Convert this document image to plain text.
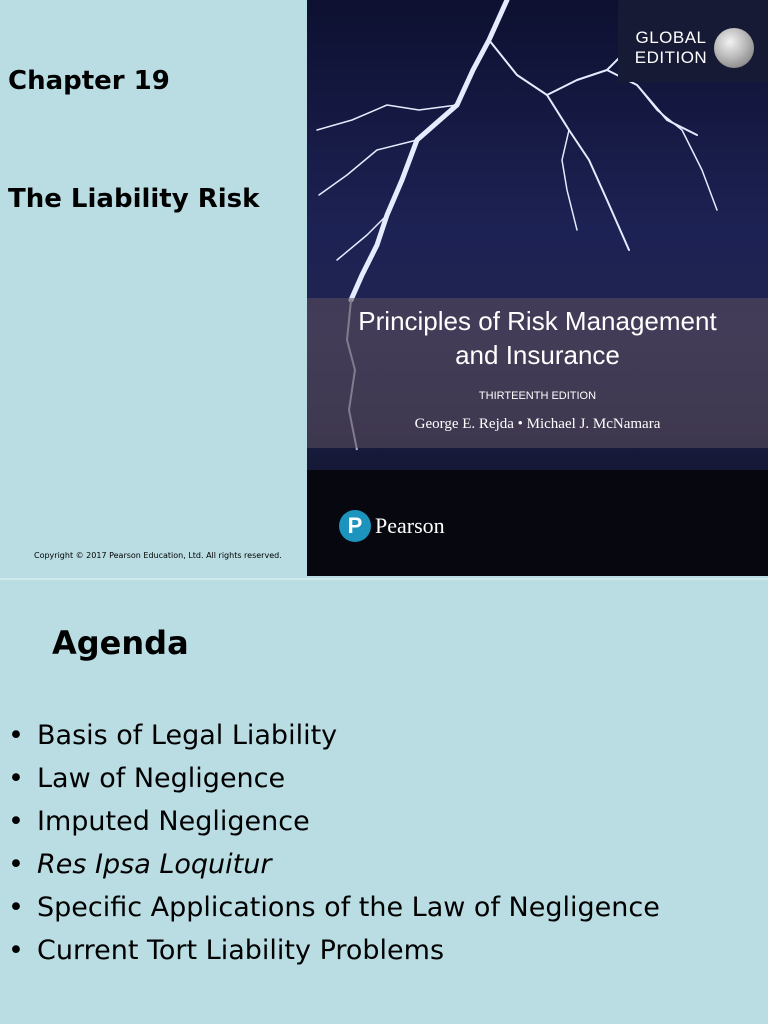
Chapter 19
The Liability Risk
Copyright © 2017 Pearson Education, Ltd. All rights reserved.
GLOBAL
EDITION
Principles of Risk Management
and Insurance
THIRTEENTH EDITION
George E. Rejda • Michael J. McNamara
P Pearson
Agenda
• Basis of Legal Liability
• Law of Negligence
• Imputed Negligence
• Res Ipsa Loquitur
• Specific Applications of the Law of Negligence
• Current Tort Liability Problems
